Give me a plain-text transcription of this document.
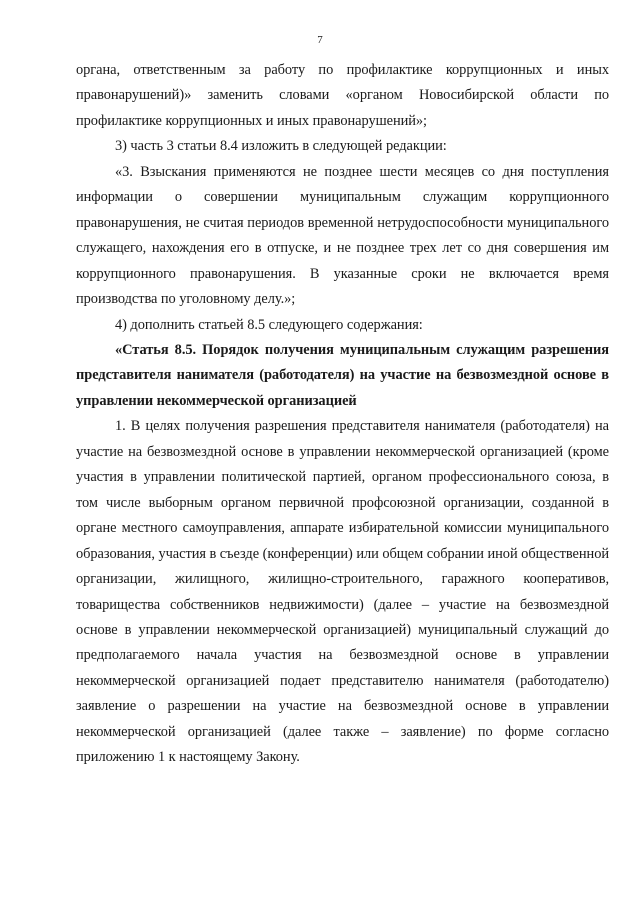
7

органа, ответственным за работу по профилактике коррупционных и иных правонарушений)» заменить словами «органом Новосибирской области по профилактике коррупционных и иных правонарушений»;

3) часть 3 статьи 8.4 изложить в следующей редакции:

«3. Взыскания применяются не позднее шести месяцев со дня поступления информации о совершении муниципальным служащим коррупционного правонарушения, не считая периодов временной нетрудоспособности муниципального служащего, нахождения его в отпуске, и не позднее трех лет со дня совершения им коррупционного правонарушения. В указанные сроки не включается время производства по уголовному делу.»;

4) дополнить статьей 8.5 следующего содержания:

«Статья 8.5. Порядок получения муниципальным служащим разрешения представителя нанимателя (работодателя) на участие на безвозмездной основе в управлении некоммерческой организацией

1. В целях получения разрешения представителя нанимателя (работодателя) на участие на безвозмездной основе в управлении некоммерческой организацией (кроме участия в управлении политической партией, органом профессионального союза, в том числе выборным органом первичной профсоюзной организации, созданной в органе местного самоуправления, аппарате избирательной комиссии муниципального образования, участия в съезде (конференции) или общем собрании иной общественной организации, жилищного, жилищно-строительного, гаражного кооперативов, товарищества собственников недвижимости) (далее – участие на безвозмездной основе в управлении некоммерческой организацией) муниципальный служащий до предполагаемого начала участия на безвозмездной основе в управлении некоммерческой организацией подает представителю нанимателя (работодателю) заявление о разрешении на участие на безвозмездной основе в управлении некоммерческой организацией (далее также – заявление) по форме согласно приложению 1 к настоящему Закону.
